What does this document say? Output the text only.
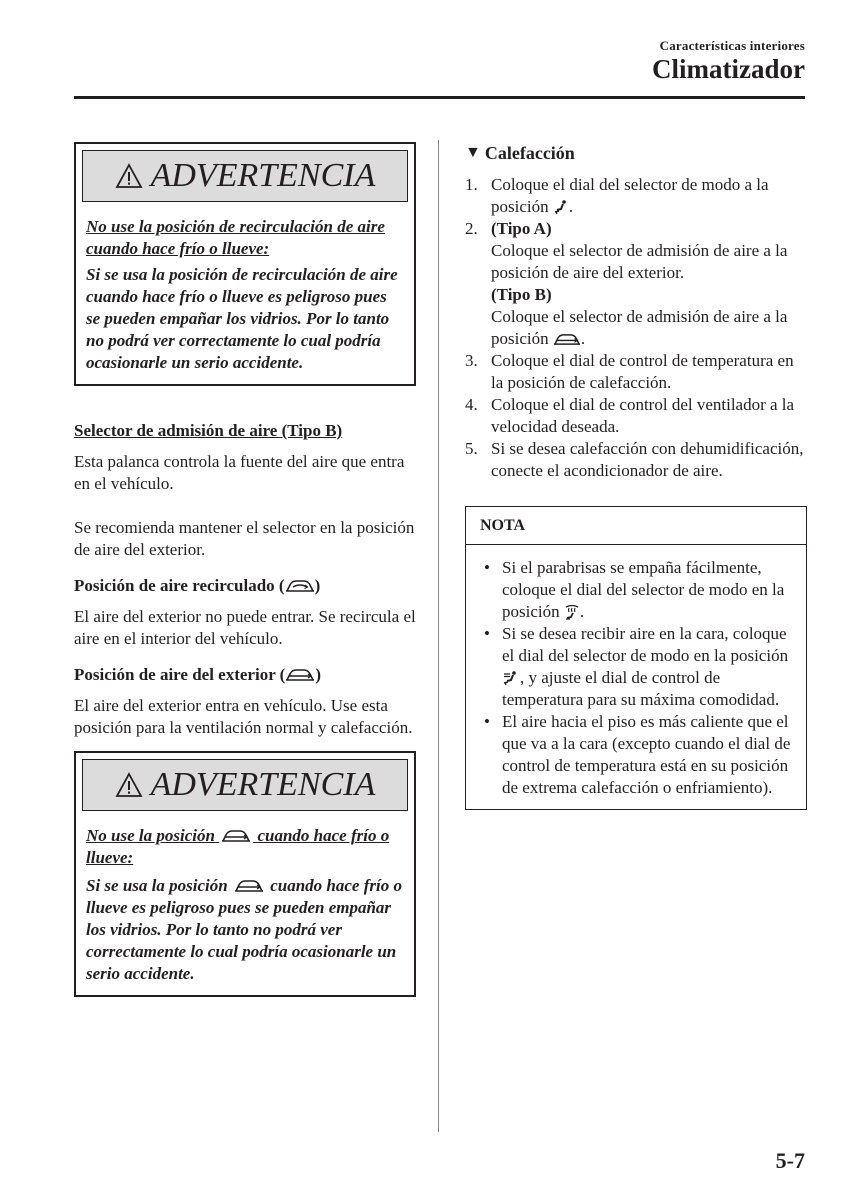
Características interiores
Climatizador
ADVERTENCIA
No use la posición de recirculación de aire cuando hace frío o llueve:
Si se usa la posición de recirculación de aire cuando hace frío o llueve es peligroso pues se pueden empañar los vidrios. Por lo tanto no podrá ver correctamente lo cual podría ocasionarle un serio accidente.
Selector de admisión de aire (Tipo B)

Esta palanca controla la fuente del aire que entra en el vehículo.

Se recomienda mantener el selector en la posición de aire del exterior.

Posición de aire recirculado ( )

El aire del exterior no puede entrar. Se recircula el aire en el interior del vehículo.

Posición de aire del exterior ( )

El aire del exterior entra en vehículo. Use esta posición para la ventilación normal y calefacción.

ADVERTENCIA
No use la posición	cuando hace frío o llueve:
Si se usa la posición	cuando hace frío o llueve es peligroso pues se pueden empañar los vidrios. Por lo tanto no podrá ver correctamente lo cual podría ocasionarle un serio accidente.
▼ Calefacción
1. Coloque el dial del selector de modo a la posición .
2. (Tipo A)
Coloque el selector de admisión de aire a la posición de aire del exterior.
(Tipo B)
Coloque el selector de admisión de aire a la posición .
3. Coloque el dial de control de temperatura en la posición de calefacción.
4. Coloque el dial de control del ventilador a la velocidad deseada.
5. Si se desea calefacción con dehumidificación, conecte el acondicionador de aire.
NOTA
• Si el parabrisas se empaña fácilmente, coloque el dial del selector de modo en la posición .
• Si se desea recibir aire en la cara, coloque el dial del selector de modo en la posición , y ajuste el dial de control de temperatura para su máxima comodidad.
• El aire hacia el piso es más caliente que el que va a la cara (excepto cuando el dial de control de temperatura está en su posición de extrema calefacción o enfriamiento).
5-7
